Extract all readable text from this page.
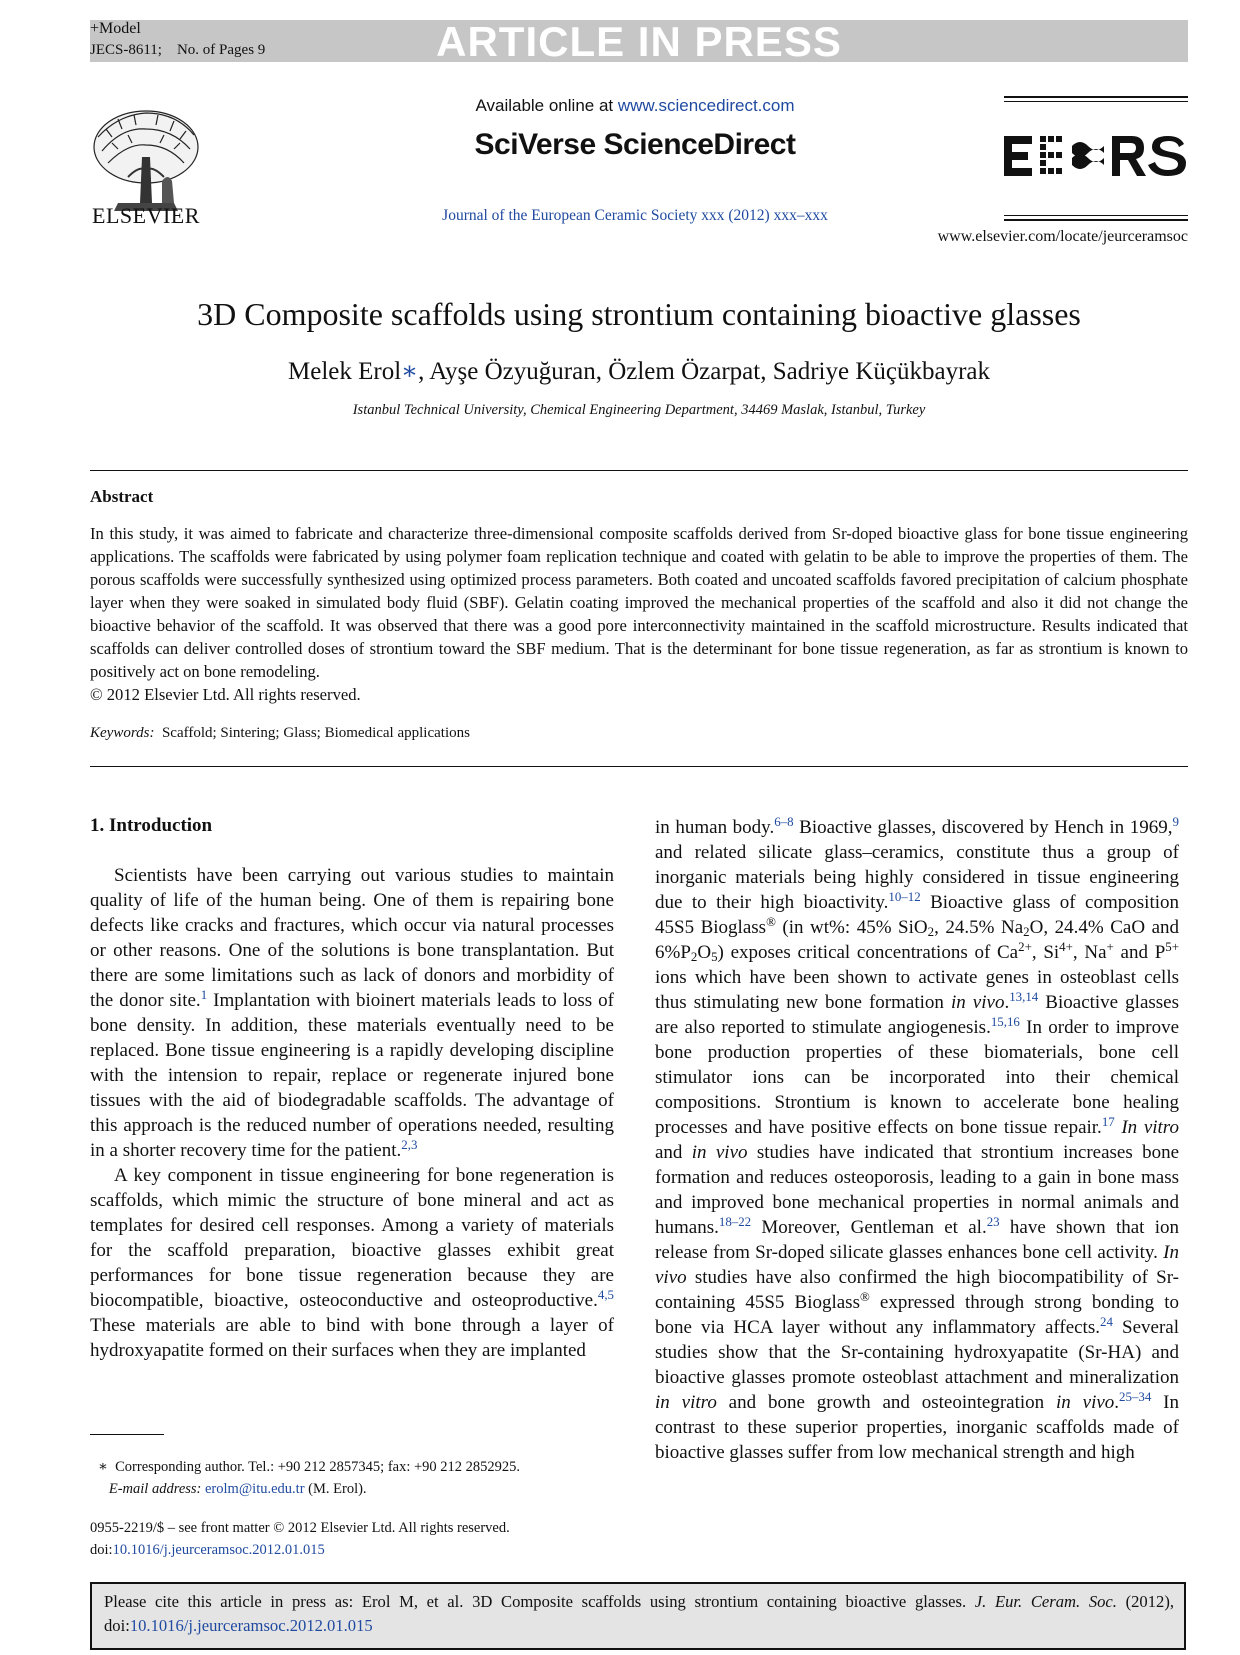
ARTICLE IN PRESS
+Model
JECS-8611; No. of Pages 9
ELSEVIER
Available online at www.sciencedirect.com
SciVerse ScienceDirect
Journal of the European Ceramic Society xxx (2012) xxx–xxx
www.elsevier.com/locate/jeurceramsoc
3D Composite scaffolds using strontium containing bioactive glasses
Melek Erol∗, Ayşe Özyuğuran, Özlem Özarpat, Sadriye Küçükbayrak
Istanbul Technical University, Chemical Engineering Department, 34469 Maslak, Istanbul, Turkey
Abstract
In this study, it was aimed to fabricate and characterize three-dimensional composite scaffolds derived from Sr-doped bioactive glass for bone tissue engineering applications. The scaffolds were fabricated by using polymer foam replication technique and coated with gelatin to be able to improve the properties of them. The porous scaffolds were successfully synthesized using optimized process parameters. Both coated and uncoated scaffolds favored precipitation of calcium phosphate layer when they were soaked in simulated body fluid (SBF). Gelatin coating improved the mechanical properties of the scaffold and also it did not change the bioactive behavior of the scaffold. It was observed that there was a good pore interconnectivity maintained in the scaffold microstructure. Results indicated that scaffolds can deliver controlled doses of strontium toward the SBF medium. That is the determinant for bone tissue regeneration, as far as strontium is known to positively act on bone remodeling.
© 2012 Elsevier Ltd. All rights reserved.
Keywords: Scaffold; Sintering; Glass; Biomedical applications
1. Introduction

Scientists have been carrying out various studies to maintain quality of life of the human being. One of them is repairing bone defects like cracks and fractures, which occur via natural processes or other reasons. One of the solutions is bone transplantation. But there are some limitations such as lack of donors and morbidity of the donor site.$^1$ Implantation with bioinert materials leads to loss of bone density. In addition, these materials eventually need to be replaced. Bone tissue engineering is a rapidly developing discipline with the intension to repair, replace or regenerate injured bone tissues with the aid of biodegradable scaffolds. The advantage of this approach is the reduced number of operations needed, resulting in a shorter recovery time for the patient.$^{2,3}$

A key component in tissue engineering for bone regeneration is scaffolds, which mimic the structure of bone mineral and act as templates for desired cell responses. Among a variety of materials for the scaffold preparation, bioactive glasses exhibit great performances for bone tissue regeneration because they are biocompatible, bioactive, osteoconductive and osteoproductive.$^{4,5}$ These materials are able to bind with bone through a layer of hydroxyapatite formed on their surfaces when they are implanted

in human body.$^{6-8}$ Bioactive glasses, discovered by Hench in 1969,$^9$ and related silicate glass–ceramics, constitute thus a group of inorganic materials being highly considered in tissue engineering due to their high bioactivity.$^{10-12}$ Bioactive glass of composition 45S5 Bioglass® (in wt%: 45% SiO$_2$, 24.5% $Na_2O$, 24.4% CaO and $6\%P_2O_5$) exposes critical concentrations of $Ca^{2+}$, $Si^{4+}$, Na+ and $P^{5+}$ ions which have been shown to activate genes in osteoblast cells thus stimulating new bone formation in vivo.$^{13,14}$ Bioactive glasses are also reported to stimulate angiogenesis.$^{15,16}$ In order to improve bone production properties of these biomaterials, bone cell stimulator ions can be incorporated into their chemical compositions. Strontium is known to accelerate bone healing processes and have positive effects on bone tissue repair.$^{17}$ In vitro and in vivo studies have indicated that strontium increases bone formation and reduces osteoporosis, leading to a gain in bone mass and improved bone mechanical properties in normal animals and humans.$^{18-22}$ Moreover, Gentleman et al.$^{23}$ have shown that ion release from Sr-doped silicate glasses enhances bone cell activity. In vivo studies have also confirmed the high biocompatibility of Sr-containing 45S5 Bioglass® expressed through strong bonding to bone via HCA layer without any inflammatory affects.$^{24}$ Several studies show that the Sr-containing hydroxyapatite (Sr-HA) and bioactive glasses promote osteoblast attachment and mineralization in vitro and bone growth and osteointegration in vivo.$^{25-34}$ In contrast to these superior properties, inorganic scaffolds made of bioactive glasses suffer from low mechanical strength and high

∗ Corresponding author. Tel.: +90 212 2857345; fax: +90 212 2852925.
E-mail address: erolm@itu.edu.tr (M. Erol).
0955-2219/$ – see front matter © 2012 Elsevier Ltd. All rights reserved.
doi:10.1016/j.jeurceramsoc.2012.01.015
Please cite this article in press as: Erol M, et al. 3D Composite scaffolds using strontium containing bioactive glasses. J. Eur. Ceram. Soc. (2012), doi:10.1016/j.jeurceramsoc.2012.01.015
